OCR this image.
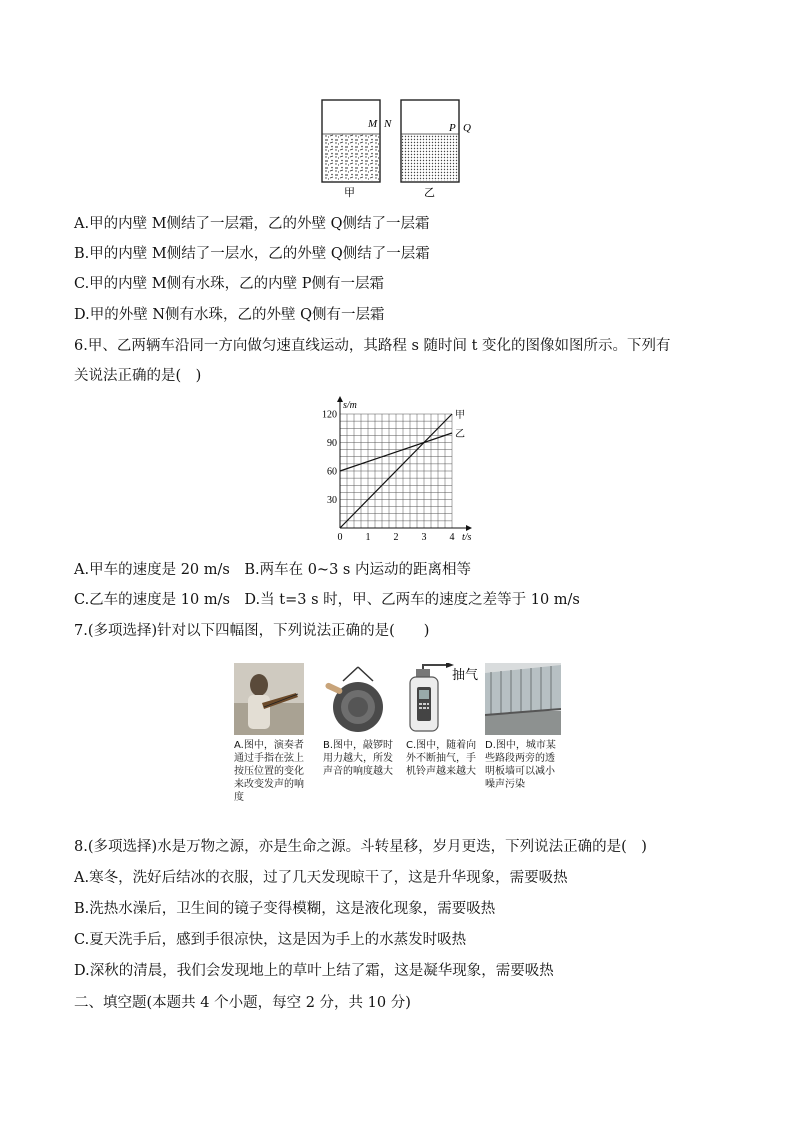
M N	P Q
甲	乙
A.甲的内壁 M侧结了一层霜，乙的外壁 Q侧结了一层霜
B.甲的内壁 M侧结了一层水，乙的外壁 Q侧结了一层霜
C.甲的内壁 M侧有水珠，乙的内壁 P侧有一层霜
D.甲的外壁 N侧有水珠，乙的外壁 Q侧有一层霜
6.甲、乙两辆车沿同一方向做匀速直线运动，其路程 s 随时间 t 变化的图像如图所示。下列有
关说法正确的是(　)
0 1 2 3 4
30
60
90
120
t/s
s/m
甲
乙
A.甲车的速度是 20 m/s　B.两车在 0~3 s 内运动的距离相等
C.乙车的速度是 10 m/s　D.当 t=3 s 时，甲、乙两车的速度之差等于 10 m/s
7.(多项选择)针对以下四幅图，下列说法正确的是(　　)
A.图中，演奏者通过手指在弦上按压位置的变化来改变发声的响度
B.图中，敲锣时用力越大，所发声音的响度越大
抽气
C.图中，随着向外不断抽气，手机铃声越来越大
D.图中，城市某些路段两旁的透明板墙可以减小噪声污染
8.(多项选择)水是万物之源，亦是生命之源。斗转星移，岁月更迭，下列说法正确的是(　)
A.寒冬，洗好后结冰的衣服，过了几天发现晾干了，这是升华现象，需要吸热
B.洗热水澡后，卫生间的镜子变得模糊，这是液化现象，需要吸热
C.夏天洗手后，感到手很凉快，这是因为手上的水蒸发时吸热
D.深秋的清晨，我们会发现地上的草叶上结了霜，这是凝华现象，需要吸热
二、填空题(本题共 4 个小题，每空 2 分，共 10 分)
